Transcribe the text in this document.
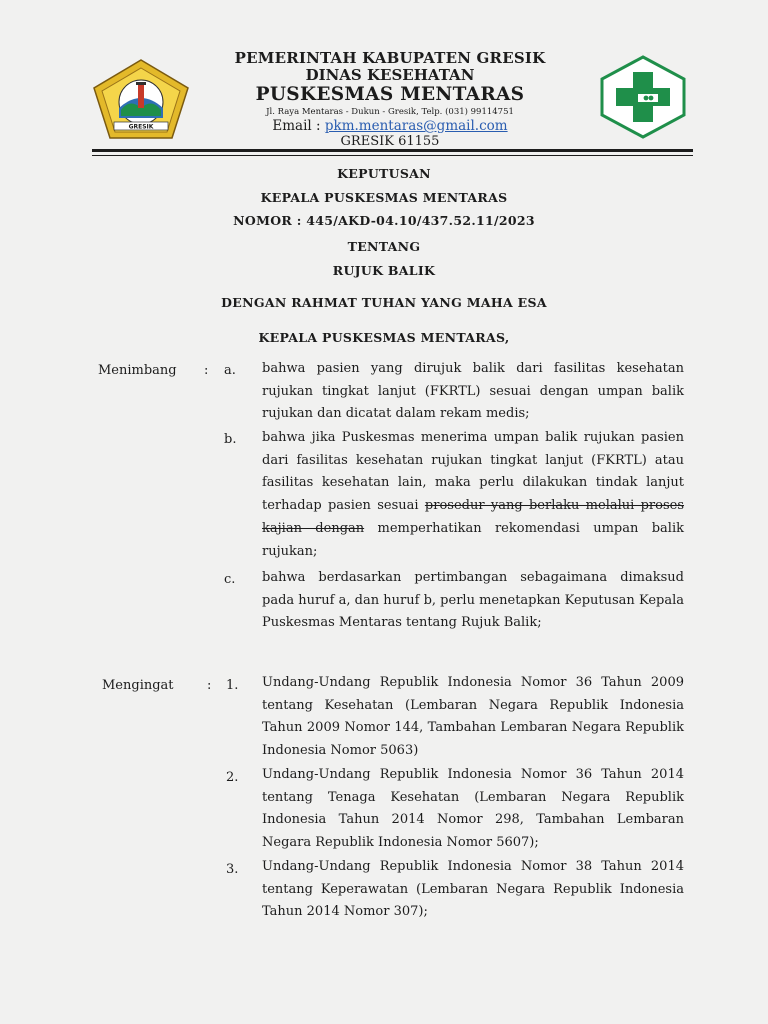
GRESIK
PEMERINTAH KABUPATEN GRESIK
DINAS KESEHATAN
PUSKESMAS MENTARAS
Jl. Raya Mentaras - Dukun - Gresik, Telp. (031) 99114751
Email : pkm.mentaras@gmail.com
GRESIK 61155
KEPUTUSAN
KEPALA PUSKESMAS MENTARAS
NOMOR : 445/AKD-04.10/437.52.11/2023
TENTANG
RUJUK BALIK
DENGAN RAHMAT TUHAN YANG MAHA ESA
KEPALA PUSKESMAS MENTARAS,
Menimbang : a. bahwa pasien yang dirujuk balik dari fasilitas kesehatan rujukan tingkat lanjut (FKRTL) sesuai dengan umpan balik rujukan dan dicatat dalam rekam medis;
b. bahwa jika Puskesmas menerima umpan balik rujukan pasien dari fasilitas kesehatan rujukan tingkat lanjut (FKRTL) atau fasilitas kesehatan lain, maka perlu dilakukan tindak lanjut terhadap pasien sesuai prosedur yang berlaku melalui proses kajian dengan memperhatikan rekomendasi umpan balik rujukan;
c. bahwa berdasarkan pertimbangan sebagaimana dimaksud pada huruf a, dan huruf b, perlu menetapkan Keputusan Kepala Puskesmas Mentaras tentang Rujuk Balik;
Mengingat	: 1. Undang-Undang Republik Indonesia Nomor 36 Tahun 2009 tentang Kesehatan (Lembaran Negara Republik Indonesia Tahun 2009 Nomor 144, Tambahan Lembaran Negara Republik Indonesia Nomor 5063)
2. Undang-Undang Republik Indonesia Nomor 36 Tahun 2014 tentang Tenaga Kesehatan (Lembaran Negara Republik Indonesia Tahun 2014 Nomor 298, Tambahan Lembaran Negara Republik Indonesia Nomor 5607);
3. Undang-Undang Republik Indonesia Nomor 38 Tahun 2014 tentang Keperawatan (Lembaran Negara Republik Indonesia Tahun 2014 Nomor 307);
